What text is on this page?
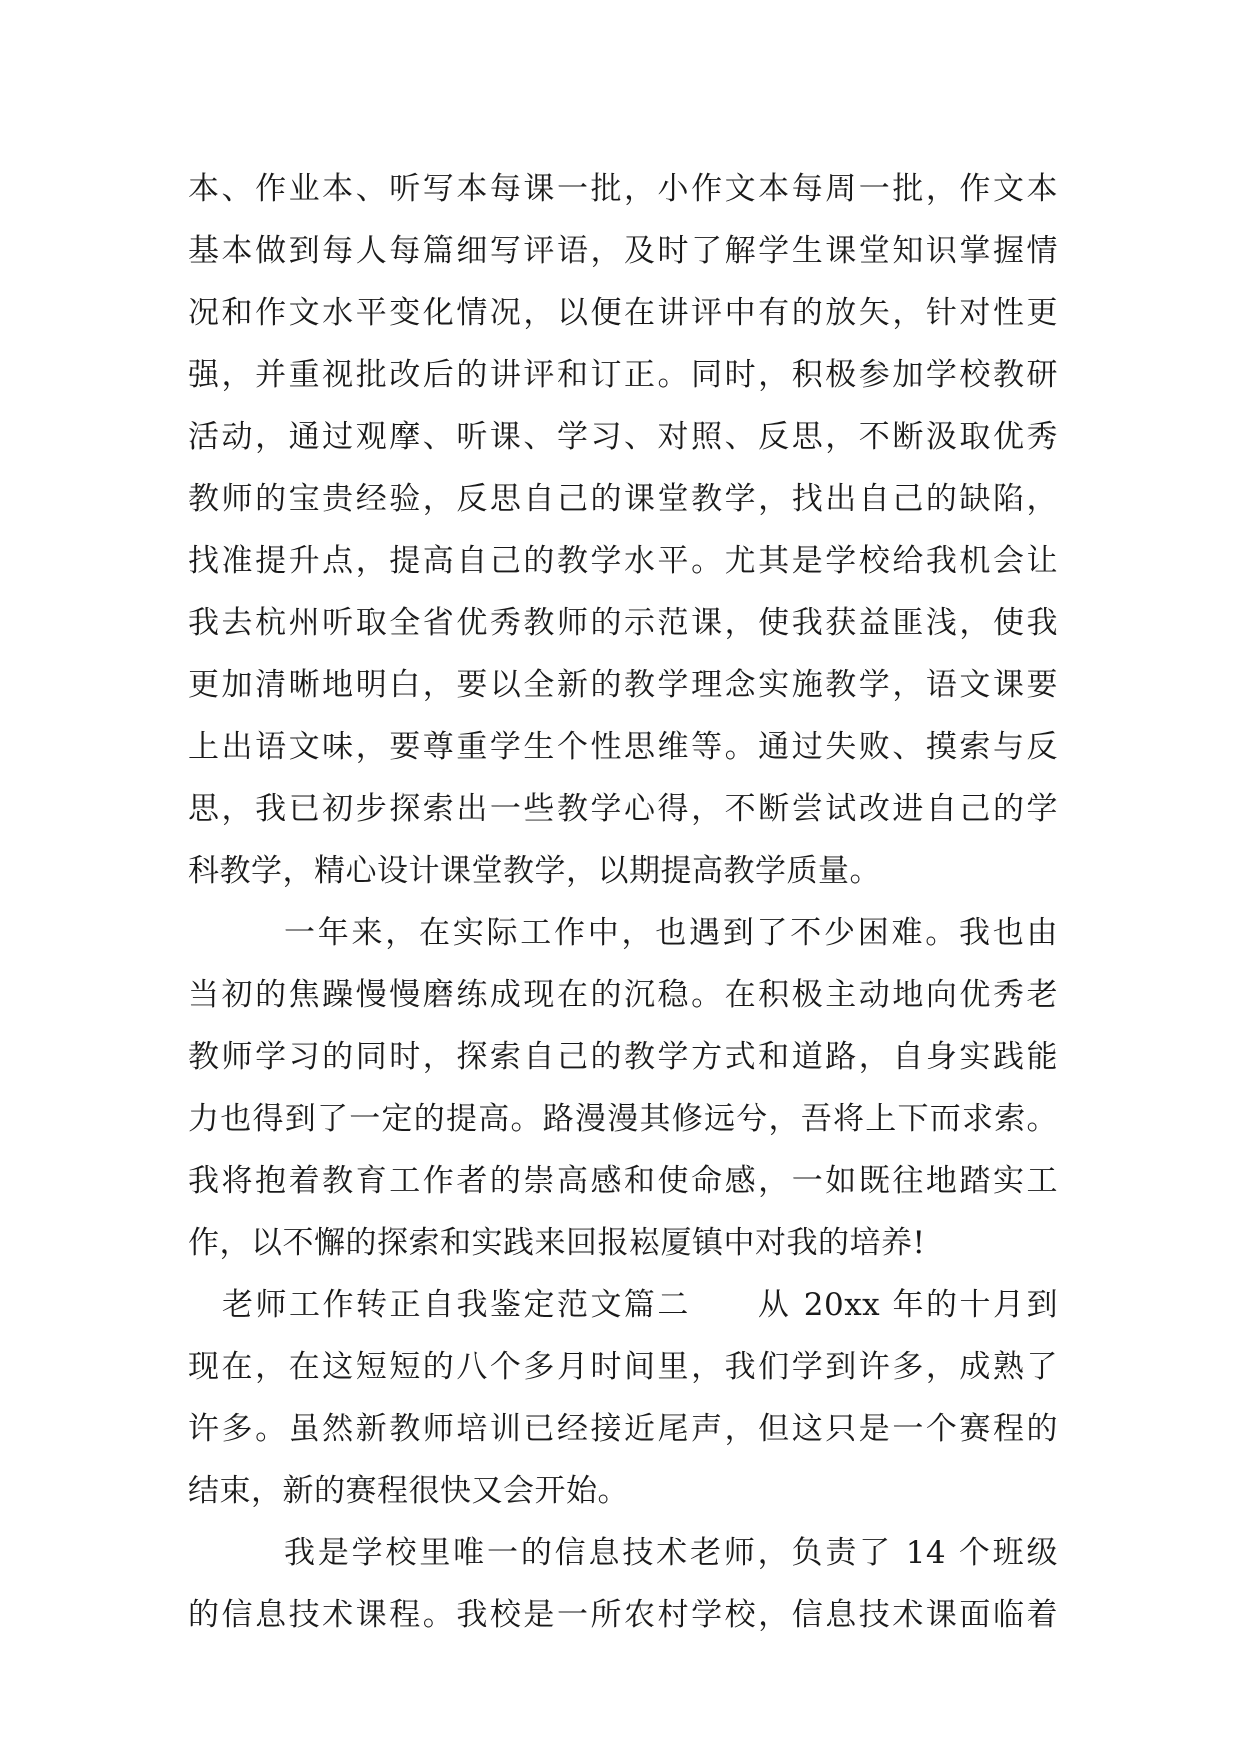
本、作业本、听写本每课一批，小作文本每周一批，作文本
基本做到每人每篇细写评语，及时了解学生课堂知识掌握情
况和作文水平变化情况，以便在讲评中有的放矢，针对性更
强，并重视批改后的讲评和订正。同时，积极参加学校教研
活动，通过观摩、听课、学习、对照、反思，不断汲取优秀
教师的宝贵经验，反思自己的课堂教学，找出自己的缺陷，
找准提升点，提高自己的教学水平。尤其是学校给我机会让
我去杭州听取全省优秀教师的示范课，使我获益匪浅，使我
更加清晰地明白，要以全新的教学理念实施教学，语文课要
上出语文味，要尊重学生个性思维等。通过失败、摸索与反
思，我已初步探索出一些教学心得，不断尝试改进自己的学
科教学，精心设计课堂教学，以期提高教学质量。
一年来，在实际工作中，也遇到了不少困难。我也由
当初的焦躁慢慢磨练成现在的沉稳。在积极主动地向优秀老
教师学习的同时，探索自己的教学方式和道路，自身实践能
力也得到了一定的提高。路漫漫其修远兮，吾将上下而求索。
我将抱着教育工作者的崇高感和使命感，一如既往地踏实工
作，以不懈的探索和实践来回报崧厦镇中对我的培养!
老师工作转正自我鉴定范文篇二　　从 20xx 年的十月到
现在，在这短短的八个多月时间里，我们学到许多，成熟了
许多。虽然新教师培训已经接近尾声，但这只是一个赛程的
结束，新的赛程很快又会开始。
我是学校里唯一的信息技术老师，负责了 14 个班级
的信息技术课程。我校是一所农村学校，信息技术课面临着
